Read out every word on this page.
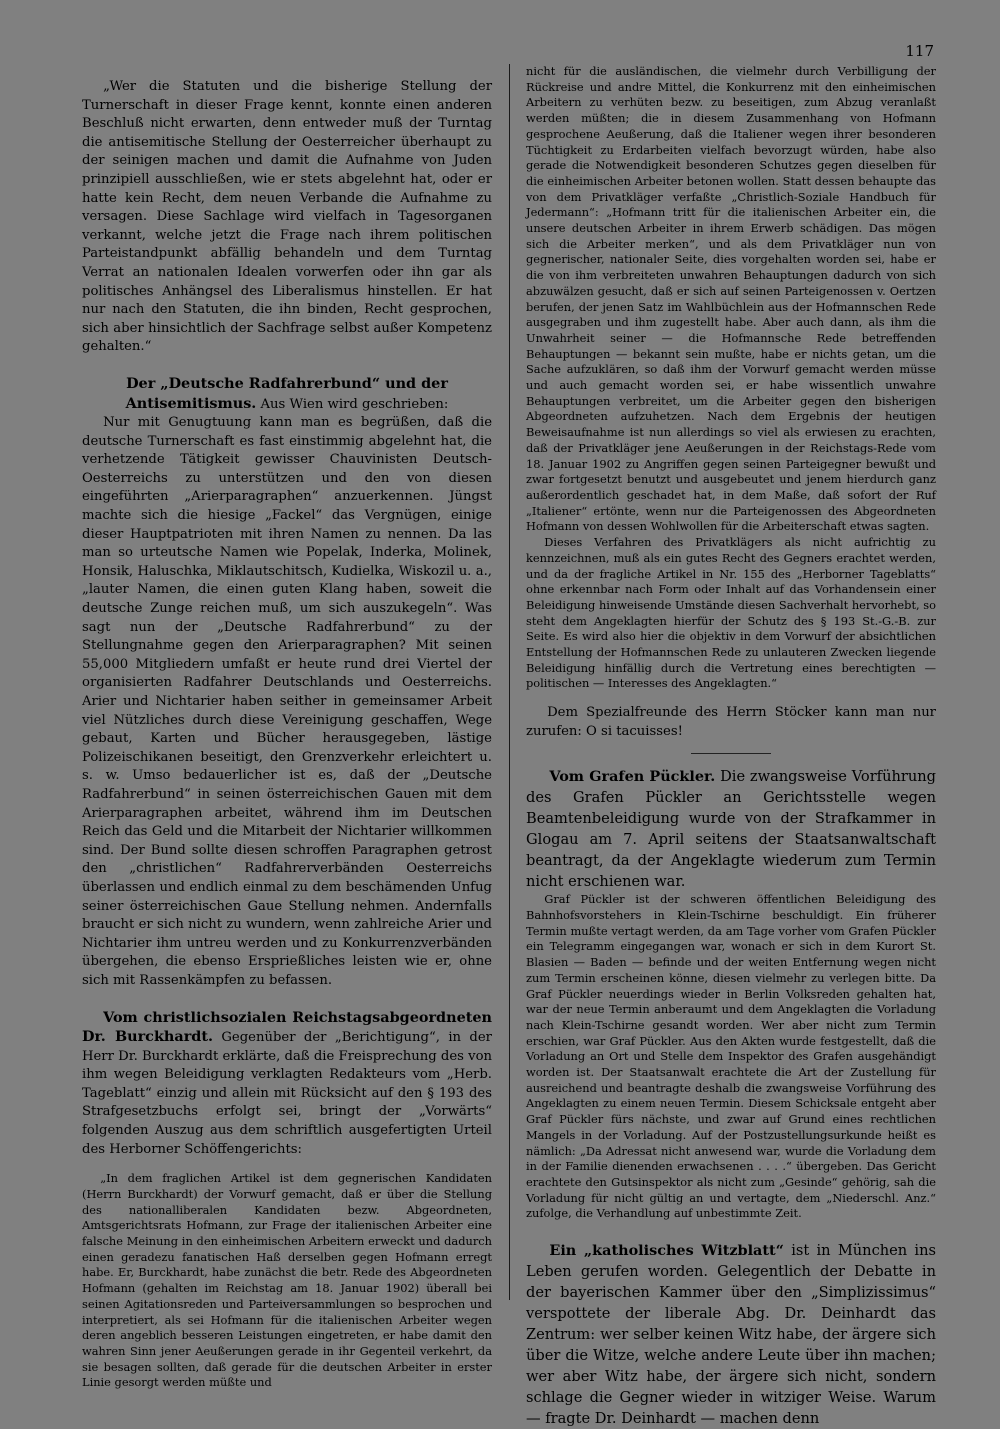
117

„Wer die Statuten und die bisherige Stellung der Turnerschaft in dieser Frage kennt, konnte einen anderen Beschluß nicht erwarten, denn entweder muß der Turntag die antisemitische Stellung der Oesterreicher überhaupt zu der seinigen machen und damit die Aufnahme von Juden prinzipiell ausschließen, wie er stets abgelehnt hat, oder er hatte kein Recht, dem neuen Verbande die Aufnahme zu versagen. Diese Sachlage wird vielfach in Tagesorganen verkannt, welche jetzt die Frage nach ihrem politischen Parteistandpunkt abfällig behandeln und dem Turntag Verrat an nationalen Idealen vorwerfen oder ihn gar als politisches Anhängsel des Liberalismus hinstellen. Er hat nur nach den Statuten, die ihn binden, Recht gesprochen, sich aber hinsichtlich der Sachfrage selbst außer Kompetenz gehalten.“

Der „Deutsche Radfahrerbund“ und der Antisemitismus. Aus Wien wird geschrieben:

Nur mit Genugtuung kann man es begrüßen, daß die deutsche Turnerschaft es fast einstimmig abgelehnt hat, die verhetzende Tätigkeit gewisser Chauvinisten Deutsch-Oesterreichs zu unterstützen und den von diesen eingeführten „Arierparagraphen“ anzuerkennen. Jüngst machte sich die hiesige „Fackel“ das Vergnügen, einige dieser Hauptpatrioten mit ihren Namen zu nennen. Da las man so urteutsche Namen wie Popelak, Inderka, Molinek, Honsik, Haluschka, Miklautschitsch, Kudielka, Wiskozil u. a., „lauter Namen, die einen guten Klang haben, soweit die deutsche Zunge reichen muß, um sich auszukegeln“. Was sagt nun der „Deutsche Radfahrerbund“ zu der Stellungnahme gegen den Arierparagraphen? Mit seinen 55,000 Mitgliedern umfaßt er heute rund drei Viertel der organisierten Radfahrer Deutschlands und Oesterreichs. Arier und Nichtarier haben seither in gemeinsamer Arbeit viel Nützliches durch diese Vereinigung geschaffen, Wege gebaut, Karten und Bücher herausgegeben, lästige Polizeischikanen beseitigt, den Grenzverkehr erleichtert u. s. w. Umso bedauerlicher ist es, daß der „Deutsche Radfahrerbund“ in seinen österreichischen Gauen mit dem Arierparagraphen arbeitet, während ihm im Deutschen Reich das Geld und die Mitarbeit der Nichtarier willkommen sind. Der Bund sollte diesen schroffen Paragraphen getrost den „christlichen“ Radfahrerverbänden Oesterreichs überlassen und endlich einmal zu dem beschämenden Unfug seiner österreichischen Gaue Stellung nehmen. Andernfalls braucht er sich nicht zu wundern, wenn zahlreiche Arier und Nichtarier ihm untreu werden und zu Konkurrenzverbänden übergehen, die ebenso Ersprießliches leisten wie er, ohne sich mit Rassenkämpfen zu befassen.

Vom christlichsozialen Reichstagsabgeordneten Dr. Burckhardt. Gegenüber der „Berichtigung“, in der Herr Dr. Burckhardt erklärte, daß die Freisprechung des von ihm wegen Beleidigung verklagten Redakteurs vom „Herb. Tageblatt“ einzig und allein mit Rücksicht auf den § 193 des Strafgesetzbuchs erfolgt sei, bringt der „Vorwärts“ folgenden Auszug aus dem schriftlich ausgefertigten Urteil des Herborner Schöffengerichts:

„In dem fraglichen Artikel ist dem gegnerischen Kandidaten (Herrn Burckhardt) der Vorwurf gemacht, daß er über die Stellung des nationalliberalen Kandidaten bezw. Abgeordneten, Amtsgerichtsrats Hofmann, zur Frage der italienischen Arbeiter eine falsche Meinung in den einheimischen Arbeitern erweckt und dadurch einen geradezu fanatischen Haß derselben gegen Hofmann erregt habe. Er, Burckhardt, habe zunächst die betr. Rede des Abgeordneten Hofmann (gehalten im Reichstag am 18. Januar 1902) überall bei seinen Agitationsreden und Parteiversammlungen so besprochen und interpretiert, als sei Hofmann für die italienischen Arbeiter wegen deren angeblich besseren Leistungen eingetreten, er habe damit den wahren Sinn jener Aeußerungen gerade in ihr Gegenteil verkehrt, da sie besagen sollten, daß gerade für die deutschen Arbeiter in erster Linie gesorgt werden müßte und

nicht für die ausländischen, die vielmehr durch Verbilligung der Rückreise und andre Mittel, die Konkurrenz mit den einheimischen Arbeitern zu verhüten bezw. zu beseitigen, zum Abzug veranlaßt werden müßten; die in diesem Zusammenhang von Hofmann gesprochene Aeußerung, daß die Italiener wegen ihrer besonderen Tüchtigkeit zu Erdarbeiten vielfach bevorzugt würden, habe also gerade die Notwendigkeit besonderen Schutzes gegen dieselben für die einheimischen Arbeiter betonen wollen. Statt dessen behaupte das von dem Privatkläger verfaßte „Christlich-Soziale Handbuch für Jedermann“: „Hofmann tritt für die italienischen Arbeiter ein, die unsere deutschen Arbeiter in ihrem Erwerb schädigen. Das mögen sich die Arbeiter merken“, und als dem Privatkläger nun von gegnerischer, nationaler Seite, dies vorgehalten worden sei, habe er die von ihm verbreiteten unwahren Behauptungen dadurch von sich abzuwälzen gesucht, daß er sich auf seinen Parteigenossen v. Oertzen berufen, der jenen Satz im Wahlbüchlein aus der Hofmannschen Rede ausgegraben und ihm zugestellt habe. Aber auch dann, als ihm die Unwahrheit seiner — die Hofmannsche Rede betreffenden Behauptungen — bekannt sein mußte, habe er nichts getan, um die Sache aufzuklären, so daß ihm der Vorwurf gemacht werden müsse und auch gemacht worden sei, er habe wissentlich unwahre Behauptungen verbreitet, um die Arbeiter gegen den bisherigen Abgeordneten aufzuhetzen. Nach dem Ergebnis der heutigen Beweisaufnahme ist nun allerdings so viel als erwiesen zu erachten, daß der Privatkläger jene Aeußerungen in der Reichstags-Rede vom 18. Januar 1902 zu Angriffen gegen seinen Parteigegner bewußt und zwar fortgesetzt benutzt und ausgebeutet und jenem hierdurch ganz außerordentlich geschadet hat, in dem Maße, daß sofort der Ruf „Italiener“ ertönte, wenn nur die Parteigenossen des Abgeordneten Hofmann von dessen Wohlwollen für die Arbeiterschaft etwas sagten.

Dieses Verfahren des Privatklägers als nicht aufrichtig zu kennzeichnen, muß als ein gutes Recht des Gegners erachtet werden, und da der fragliche Artikel in Nr. 155 des „Herborner Tageblatts“ ohne erkennbar nach Form oder Inhalt auf das Vorhandensein einer Beleidigung hinweisende Umstände diesen Sachverhalt hervorhebt, so steht dem Angeklagten hierfür der Schutz des § 193 St.-G.-B. zur Seite. Es wird also hier die objektiv in dem Vorwurf der absichtlichen Entstellung der Hofmannschen Rede zu unlauteren Zwecken liegende Beleidigung hinfällig durch die Vertretung eines berechtigten — politischen — Interesses des Angeklagten.“

Dem Spezialfreunde des Herrn Stöcker kann man nur zurufen: O si tacuisses!

Vom Grafen Pückler. Die zwangsweise Vorführung des Grafen Pückler an Gerichtsstelle wegen Beamtenbeleidigung wurde von der Strafkammer in Glogau am 7. April seitens der Staatsanwaltschaft beantragt, da der Angeklagte wiederum zum Termin nicht erschienen war.

Graf Pückler ist der schweren öffentlichen Beleidigung des Bahnhofsvorstehers in Klein-Tschirne beschuldigt. Ein früherer Termin mußte vertagt werden, da am Tage vorher vom Grafen Pückler ein Telegramm eingegangen war, wonach er sich in dem Kurort St. Blasien — Baden — befinde und der weiten Entfernung wegen nicht zum Termin erscheinen könne, diesen vielmehr zu verlegen bitte. Da Graf Pückler neuerdings wieder in Berlin Volksreden gehalten hat, war der neue Termin anberaumt und dem Angeklagten die Vorladung nach Klein-Tschirne gesandt worden. Wer aber nicht zum Termin erschien, war Graf Pückler. Aus den Akten wurde festgestellt, daß die Vorladung an Ort und Stelle dem Inspektor des Grafen ausgehändigt worden ist. Der Staatsanwalt erachtete die Art der Zustellung für ausreichend und beantragte deshalb die zwangsweise Vorführung des Angeklagten zu einem neuen Termin. Diesem Schicksale entgeht aber Graf Pückler fürs nächste, und zwar auf Grund eines rechtlichen Mangels in der Vorladung. Auf der Postzustellungsurkunde heißt es nämlich: „Da Adressat nicht anwesend war, wurde die Vorladung dem in der Familie dienenden erwachsenen . . . .“ übergeben. Das Gericht erachtete den Gutsinspektor als nicht zum „Gesinde“ gehörig, sah die Vorladung für nicht gültig an und vertagte, dem „Niederschl. Anz.“ zufolge, die Verhandlung auf unbestimmte Zeit.

Ein „katholisches Witzblatt“ ist in München ins Leben gerufen worden. Gelegentlich der Debatte in der bayerischen Kammer über den „Simplizissimus“ verspottete der liberale Abg. Dr. Deinhardt das Zentrum: wer selber keinen Witz habe, der ärgere sich über die Witze, welche andere Leute über ihn machen; wer aber Witz habe, der ärgere sich nicht, sondern schlage die Gegner wieder in witziger Weise. Warum — fragte Dr. Deinhardt — machen denn
